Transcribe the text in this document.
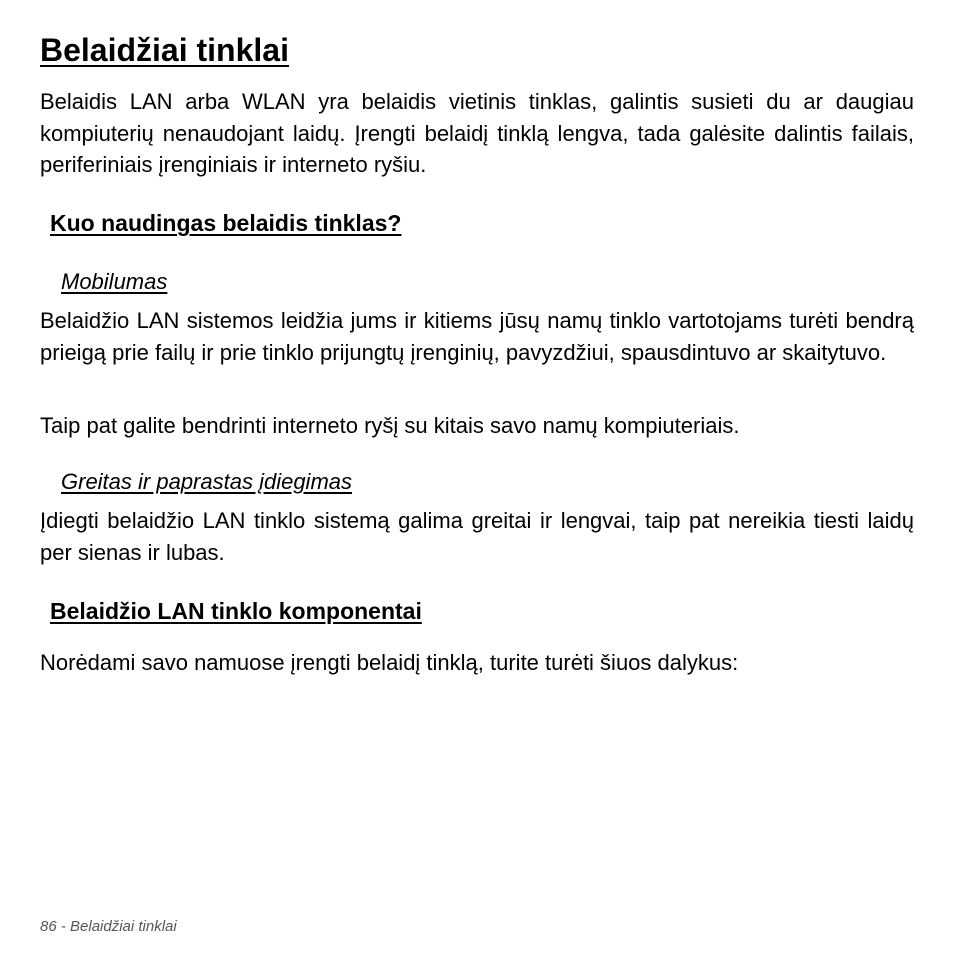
Belaidžiai tinklai

Belaidis LAN arba WLAN yra belaidis vietinis tinklas, galintis susieti du ar daugiau kompiuterių nenaudojant laidų. Įrengti belaidį tinklą lengva, tada galėsite dalintis failais, periferiniais įrenginiais ir interneto ryšiu.

Kuo naudingas belaidis tinklas?
Mobilumas

Belaidžio LAN sistemos leidžia jums ir kitiems jūsų namų tinklo vartotojams turėti bendrą prieigą prie failų ir prie tinklo prijungtų įrenginių, pavyzdžiui, spausdintuvo ar skaitytuvo.

Taip pat galite bendrinti interneto ryšį su kitais savo namų kompiuteriais.

Greitas ir paprastas įdiegimas

Įdiegti belaidžio LAN tinklo sistemą galima greitai ir lengvai, taip pat nereikia tiesti laidų per sienas ir lubas.

Belaidžio LAN tinklo komponentai

Norėdami savo namuose įrengti belaidį tinklą, turite turėti šiuos dalykus:

86 - Belaidžiai tinklai
